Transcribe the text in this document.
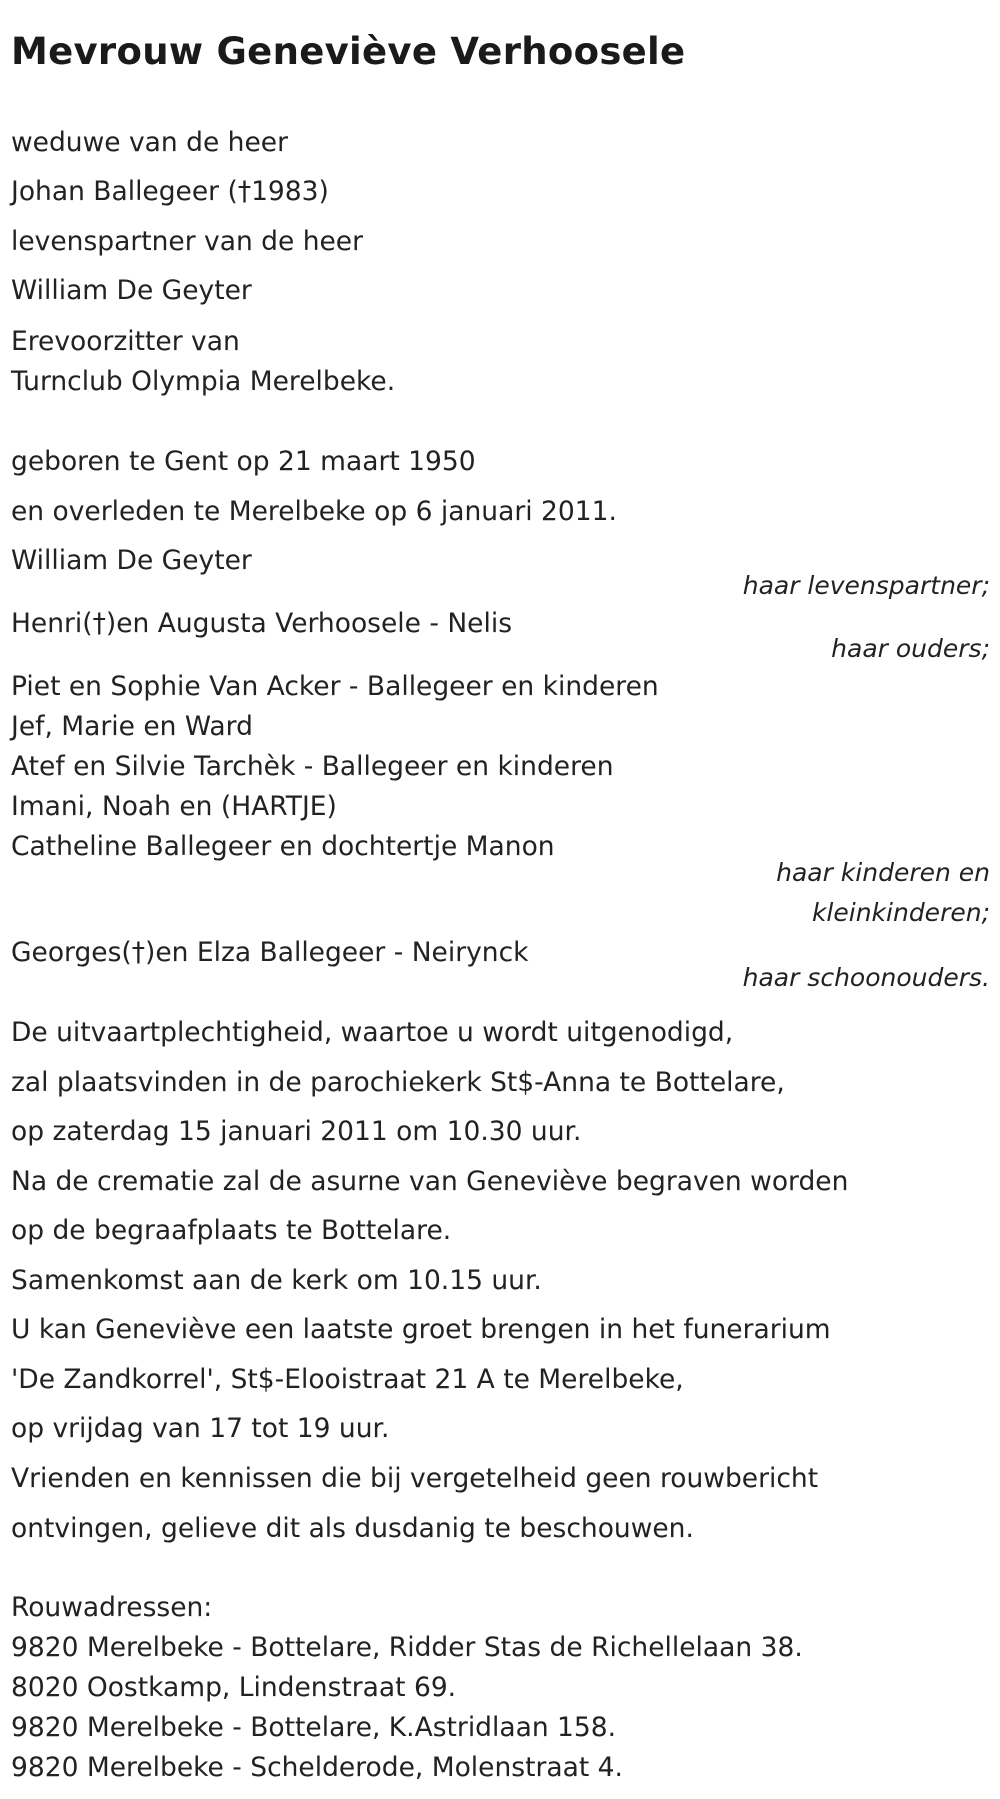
Mevrouw Geneviève Verhoosele
weduwe van de heer
Johan Ballegeer (†1983)
levenspartner van de heer
William De Geyter
Erevoorzitter van
Turnclub Olympia Merelbeke.
geboren te Gent op 21 maart 1950
en overleden te Merelbeke op 6 januari 2011.
William De Geyter
haar levenspartner;
Henri(†)en Augusta Verhoosele - Nelis
haar ouders;
Piet en Sophie Van Acker - Ballegeer en kinderen
Jef, Marie en Ward
Atef en Silvie Tarchèk - Ballegeer en kinderen
Imani, Noah en (HARTJE)
Catheline Ballegeer en dochtertje Manon
haar kinderen en
kleinkinderen;
Georges(†)en Elza Ballegeer - Neirynck
haar schoonouders.
De uitvaartplechtigheid, waartoe u wordt uitgenodigd,
zal plaatsvinden in de parochiekerk St$-Anna te Bottelare,
op zaterdag 15 januari 2011 om 10.30 uur.
Na de crematie zal de asurne van Geneviève begraven worden
op de begraafplaats te Bottelare.
Samenkomst aan de kerk om 10.15 uur.
U kan Geneviève een laatste groet brengen in het funerarium
'De Zandkorrel', St$-Elooistraat 21 A te Merelbeke,
op vrijdag van 17 tot 19 uur.
Vrienden en kennissen die bij vergetelheid geen rouwbericht
ontvingen, gelieve dit als dusdanig te beschouwen.
Rouwadressen:
9820 Merelbeke - Bottelare, Ridder Stas de Richellelaan 38.
8020 Oostkamp, Lindenstraat 69.
9820 Merelbeke - Bottelare, K.Astridlaan 158.
9820 Merelbeke - Schelderode, Molenstraat 4.
